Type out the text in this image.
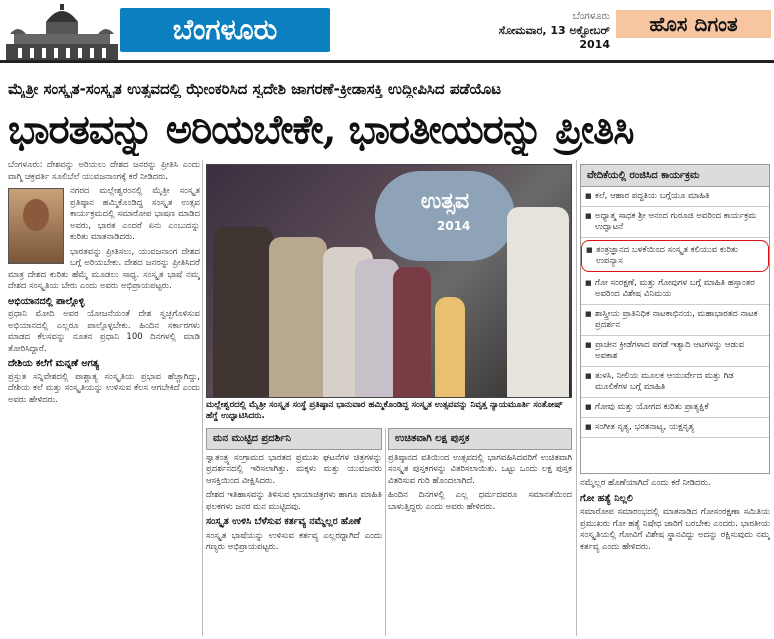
ಬೆಂಗಳೂರು	ಬೆಂಗಳೂರು
ಸೋಮವಾರ, 13 ಅಕ್ಟೋಬರ್ 2014
ಹೊಸ ದಿಗಂತ
ಮೈತ್ರೀ ಸಂಸ್ಕೃತ-ಸಂಸ್ಕೃತ ಉತ್ಸವದಲ್ಲಿ ಝೇಂಕರಿಸಿದ ಸ್ವದೇಶಿ ಜಾಗರಣೆ-ಕ್ರೀಡಾಸಕ್ತಿ ಉದ್ದೀಪಿಸಿದ ಪಡೆಯೊಟ
ಭಾರತವನ್ನು ಅರಿಯಬೇಕೇ, ಭಾರತೀಯರನ್ನು ಪ್ರೀತಿಸಿ

ಬೆಂಗಳೂರು: ದೇಶವನ್ನು ಅರಿಯಲು ದೇಶದ ಜನರನ್ನು ಪ್ರೀತಿಸಿ ಎಂದು ವಾಗ್ಮಿ ಚಕ್ರವರ್ತಿ ಸೂಲಿಬೆಲೆ ಯುವಜನಾಂಗಕ್ಕೆ ಕರೆ ನೀಡಿದರು.

ನಗರದ ಮಲ್ಲೇಶ್ವರಂನಲ್ಲಿ ಮೈತ್ರೀ ಸಂಸ್ಕೃತ ಪ್ರತಿಷ್ಠಾನ ಹಮ್ಮಿಕೊಂಡಿದ್ದ ಸಂಸ್ಕೃತ ಉತ್ಸವ ಕಾರ್ಯಕ್ರಮದಲ್ಲಿ ಸಮಾರೋಪ ಭಾಷಣ ಮಾಡಿದ ಅವರು, ಭಾರತ ಎಂದರೆ ಏನು ಎಂಬುದನ್ನು ಕುರಿತು ಮಾತನಾಡಿದರು.

ಭಾರತವನ್ನು ಪ್ರೀತಿಸಲು, ಯುವಜನಾಂಗ ದೇಶದ ಬಗ್ಗೆ ಅರಿಯಬೇಕು. ದೇಶದ ಜನರನ್ನು ಪ್ರೀತಿಸಿದರೆ ಮಾತ್ರ ದೇಶದ ಕುರಿತು ಹೆಮ್ಮೆ ಮೂಡಲು ಸಾಧ್ಯ. ಸಂಸ್ಕೃತ ಭಾಷೆ ನಮ್ಮ ದೇಶದ ಸಂಸ್ಕೃತಿಯ ಬೇರು ಎಂದು ಅವರು ಅಭಿಪ್ರಾಯಪಟ್ಟರು.

ಅಭಿಯಾನದಲ್ಲಿ ಪಾಲ್ಗೊಳ್ಳಿ

ಪ್ರಧಾನಿ ಮೋದಿ ಅವರ ಯೋಜನೆಯಂತೆ ದೇಶ ಸ್ವಚ್ಛಗೊಳಿಸುವ ಅಭಿಯಾನದಲ್ಲಿ ಎಲ್ಲರೂ ಪಾಲ್ಗೊಳ್ಳಬೇಕು. ಹಿಂದಿನ ಸರ್ಕಾರಗಳು ಮಾಡದ ಕೆಲಸವನ್ನು ನೂತನ ಪ್ರಧಾನಿ 100 ದಿನಗಳಲ್ಲಿ ಮಾಡಿ ತೋರಿಸಿದ್ದಾರೆ.

ದೇಶಿಯ ಕಲೆಗೆ ಮನ್ನಣೆ ಅಗತ್ಯ

ಪ್ರಸ್ತುತ ಸನ್ನಿವೇಶದಲ್ಲಿ ಪಾಶ್ಚಾತ್ಯ ಸಂಸ್ಕೃತಿಯ ಪ್ರಭಾವ ಹೆಚ್ಚಾಗಿದ್ದು, ದೇಶಿಯ ಕಲೆ ಮತ್ತು ಸಂಸ್ಕೃತಿಯನ್ನು ಉಳಿಸುವ ಕೆಲಸ ಆಗಬೇಕಿದೆ ಎಂದು ಅವರು ಹೇಳಿದರು.

ಉತ್ಸವ
2014
ಮಲ್ಲೇಶ್ವರದಲ್ಲಿ ಮೈತ್ರೀ ಸಂಸ್ಕೃತ ಸಂಸ್ಥೆ ಪ್ರತಿಷ್ಠಾನ ಭಾನುವಾರ ಹಮ್ಮಿಕೊಂಡಿದ್ದ ಸಂಸ್ಕೃತ ಉತ್ಸವವನ್ನು ನಿವೃತ್ತ ನ್ಯಾಯಮೂರ್ತಿ ಸಂತೋಷ್ ಹೆಗ್ಡೆ ಉದ್ಘಾಟಿಸಿದರು.
ವೇದಿಕೆಯಲ್ಲಿ ರಂಜಿಸಿದ ಕಾರ್ಯಕ್ರಮ
■ ಕಲೆ, ಆಹಾರ ಪದ್ಧತಿಯ ಬಗ್ಗೆಯೂ ಮಾಹಿತಿ
■ ಅಧ್ಯಾತ್ಮ ಸಾಧಕ ಶ್ರೀ ಆನಂದ ಗುರೂಜಿ ಅವರಿಂದ ಕಾರ್ಯಕ್ರಮ ಉದ್ಘಾಟನೆ
■ ತಂತ್ರಜ್ಞಾನದ ಬಳಕೆಯಿಂದ ಸಂಸ್ಕೃತ ಕಲಿಯುವ ಕುರಿತು ಉಪನ್ಯಾಸ
■ ಗೋ ಸಂರಕ್ಷಣೆ, ಮತ್ತು ಗೋವುಗಳ ಬಗ್ಗೆ ಮಾಹಿತಿ ಹಸ್ತಾಂತರ ಅವರಿಂದ ವಿಶೇಷ ವಿನಿಮಯ
■ ಶಾಸ್ತ್ರೀಯ ಪ್ರಾತಿನಿಧಿಕ ನಾಟಕಾಭಿನಯ, ಮಹಾಭಾರತದ ನಾಟಕ ಪ್ರದರ್ಶನ
■ ಪ್ರಾಚೀನ ಕ್ರೀಡೆಗಳಾದ ಪಗಡೆ ಇತ್ಯಾದಿ ಆಟಗಳನ್ನು ಆಡುವ ಅವಕಾಶ
■ ತುಳಸಿ, ನೀಲಿಯ ಮೂಲಕ ಆಯುರ್ವೇದ ಮತ್ತು ಗಿಡ ಮೂಲಿಕೆಗಳ ಬಗ್ಗೆ ಮಾಹಿತಿ
■ ಗೋವು ಮತ್ತು ಯೋಗದ ಕುರಿತು ಪ್ರಾತ್ಯಕ್ಷಿಕೆ
■ ಸಂಗೀತ ನೃತ್ಯ, ಭರತನಾಟ್ಯ, ಯಕ್ಷನೃತ್ಯ
ಮನ ಮುಟ್ಟಿದ ಪ್ರದರ್ಶಿನಿ

ಸ್ವಾತಂತ್ರ್ಯ ಸಂಗ್ರಾಮದ ಭಾರತದ ಪ್ರಮುಖ ಘಟನೆಗಳ ಚಿತ್ರಗಳನ್ನು ಪ್ರದರ್ಶನದಲ್ಲಿ ಇರಿಸಲಾಗಿತ್ತು. ಮಕ್ಕಳು ಮತ್ತು ಯುವಜನರು ಆಸಕ್ತಿಯಿಂದ ವೀಕ್ಷಿಸಿದರು.

ದೇಶದ ಇತಿಹಾಸವನ್ನು ತಿಳಿಸುವ ಛಾಯಾಚಿತ್ರಗಳು ಹಾಗೂ ಮಾಹಿತಿ ಫಲಕಗಳು ಜನರ ಮನ ಮುಟ್ಟಿದವು.

ಸಂಸ್ಕೃತ ಉಳಿಸಿ ಬೆಳೆಸುವ ಕರ್ತವ್ಯ ನಮ್ಮೆಲ್ಲರ ಹೊಣೆ

ಸಂಸ್ಕೃತ ಭಾಷೆಯನ್ನು ಉಳಿಸುವ ಕರ್ತವ್ಯ ಎಲ್ಲರದ್ದಾಗಿದೆ ಎಂದು ಗಣ್ಯರು ಅಭಿಪ್ರಾಯಪಟ್ಟರು.

ಉಚಿತವಾಗಿ ಲಕ್ಷ ಪುಸ್ತಕ

ಪ್ರತಿಷ್ಠಾನದ ವತಿಯಿಂದ ಉತ್ಸವದಲ್ಲಿ ಭಾಗವಹಿಸಿದವರಿಗೆ ಉಚಿತವಾಗಿ ಸಂಸ್ಕೃತ ಪುಸ್ತಕಗಳನ್ನು ವಿತರಿಸಲಾಯಿತು. ಒಟ್ಟು ಒಂದು ಲಕ್ಷ ಪುಸ್ತಕ ವಿತರಿಸುವ ಗುರಿ ಹೊಂದಲಾಗಿದೆ.

ಹಿಂದಿನ ದಿನಗಳಲ್ಲಿ ಎಲ್ಲ ಧರ್ಮದವರೂ ಸಮಾನತೆಯಿಂದ ಬಾಳುತ್ತಿದ್ದರು ಎಂದು ಅವರು ಹೇಳಿದರು.

ನಮ್ಮೆಲ್ಲರ ಹೊಣೆಯಾಗಿದೆ ಎಂದು ಕರೆ ನೀಡಿದರು.

ಗೋ ಹತ್ಯೆ ನಿಲ್ಲಲಿ

ಸಮಾರೋಪ ಸಮಾರಂಭದಲ್ಲಿ ಮಾತನಾಡಿದ ಗೋಸಂರಕ್ಷಣಾ ಸಮಿತಿಯ ಪ್ರಮುಖರು ಗೋ ಹತ್ಯೆ ನಿಷೇಧ ಜಾರಿಗೆ ಬರಬೇಕು ಎಂದರು. ಭಾರತೀಯ ಸಂಸ್ಕೃತಿಯಲ್ಲಿ ಗೋವಿಗೆ ವಿಶೇಷ ಸ್ಥಾನವಿದ್ದು ಅದನ್ನು ರಕ್ಷಿಸುವುದು ನಮ್ಮ ಕರ್ತವ್ಯ ಎಂದು ಹೇಳಿದರು.
